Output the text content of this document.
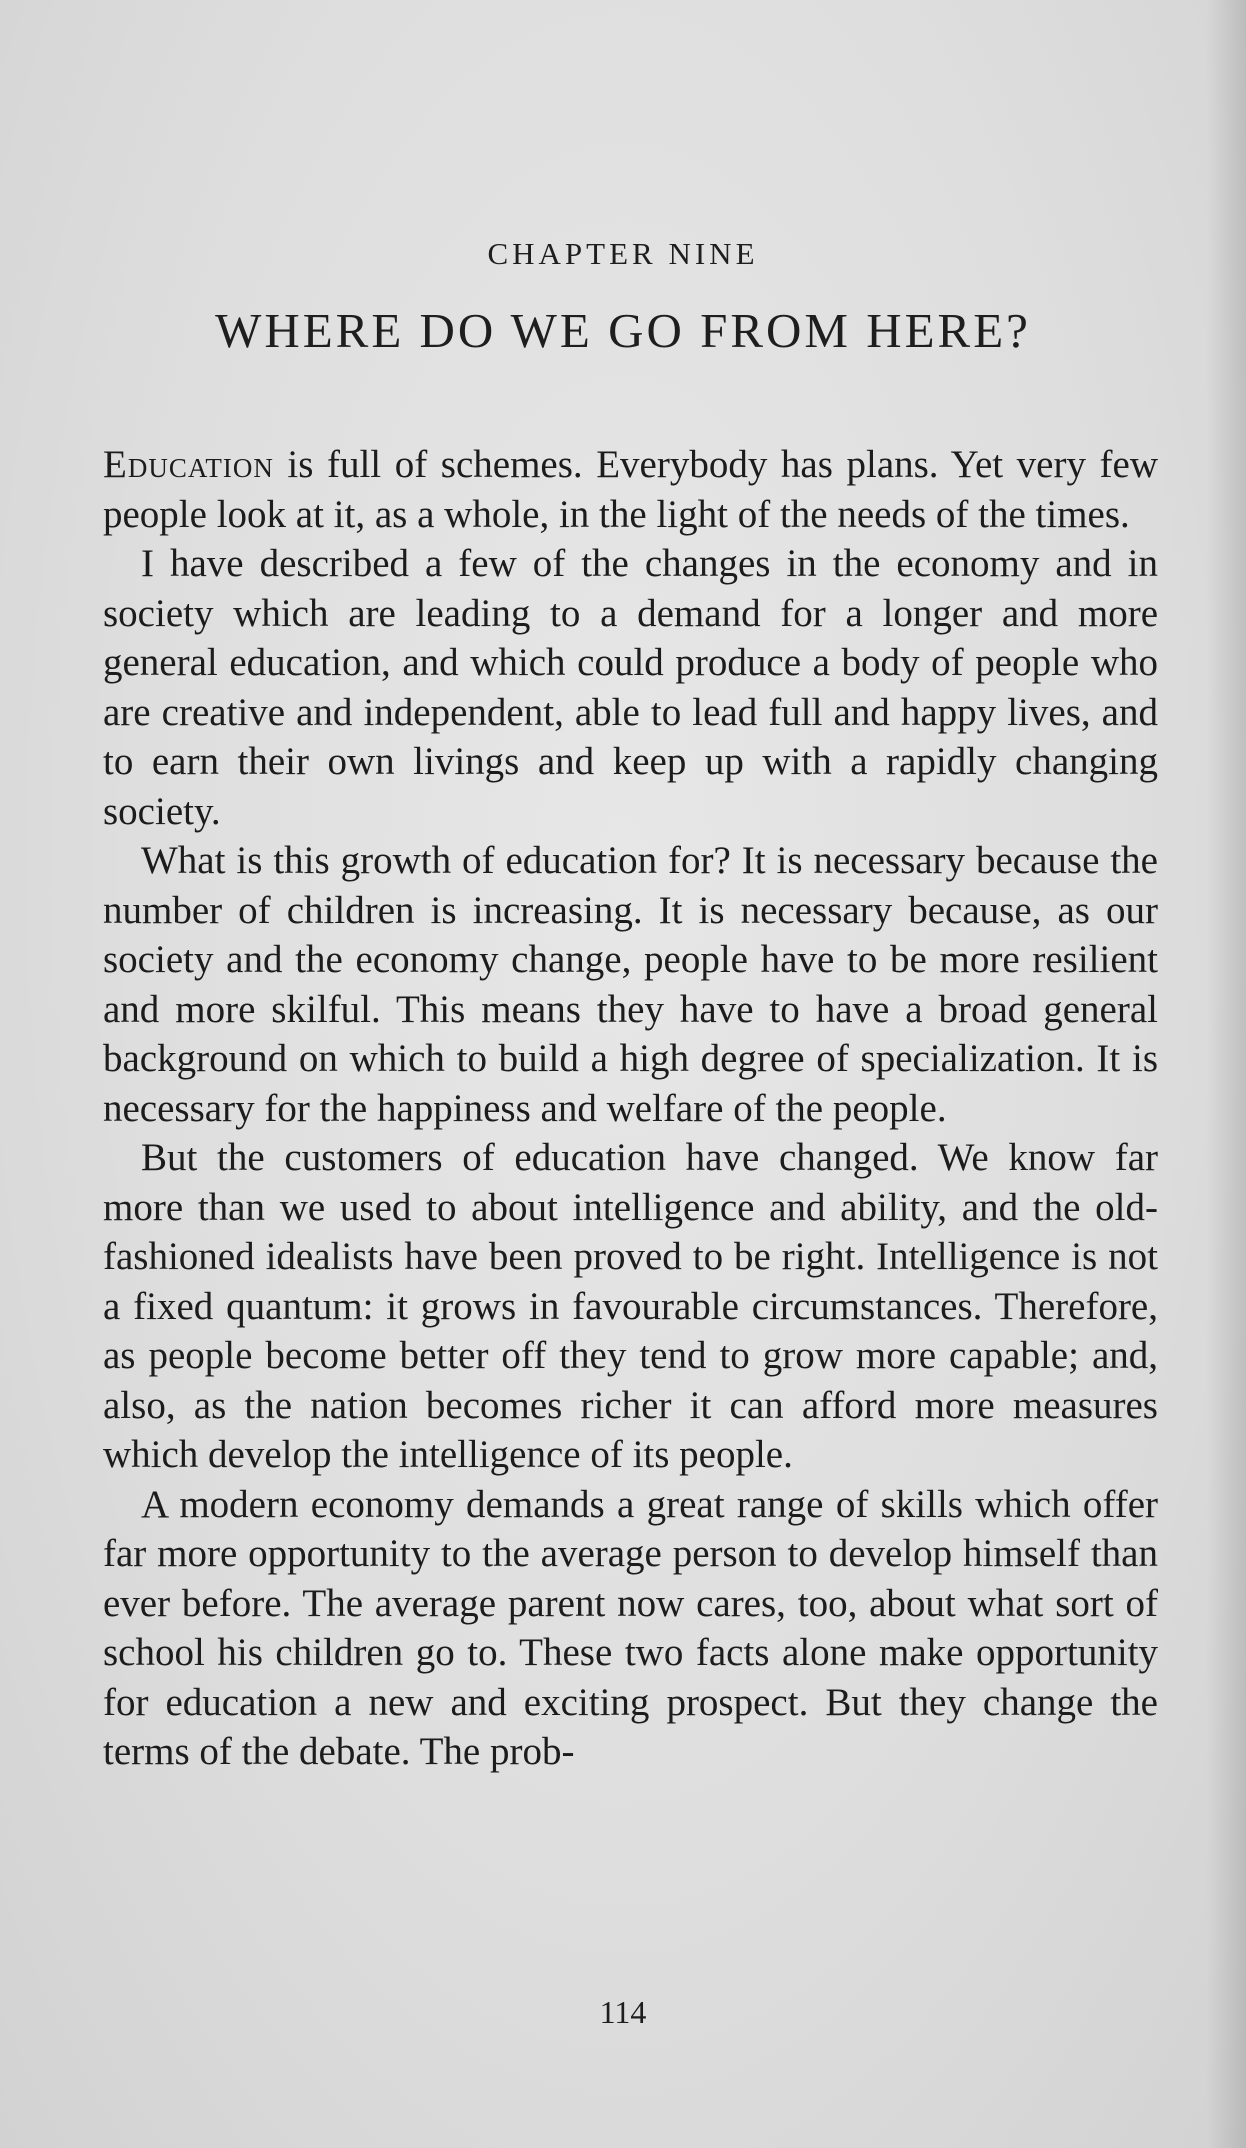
CHAPTER NINE
WHERE DO WE GO FROM HERE?

Education is full of schemes. Everybody has plans. Yet very few people look at it, as a whole, in the light of the needs of the times.

I have described a few of the changes in the economy and in society which are leading to a demand for a longer and more general education, and which could produce a body of people who are creative and independent, able to lead full and happy lives, and to earn their own livings and keep up with a rapidly changing society.

What is this growth of education for? It is necessary because the number of children is increasing. It is necessary because, as our society and the economy change, people have to be more resilient and more skilful. This means they have to have a broad general background on which to build a high degree of specialization. It is necessary for the happiness and welfare of the people.

But the customers of education have changed. We know far more than we used to about intelligence and ability, and the old-fashioned idealists have been proved to be right. Intelligence is not a fixed quantum: it grows in favourable circumstances. Therefore, as people become better off they tend to grow more capable; and, also, as the nation becomes richer it can afford more measures which develop the intelligence of its people.

A modern economy demands a great range of skills which offer far more opportunity to the average person to develop himself than ever before. The average parent now cares, too, about what sort of school his children go to. These two facts alone make opportunity for education a new and exciting prospect. But they change the terms of the debate. The prob-

114
